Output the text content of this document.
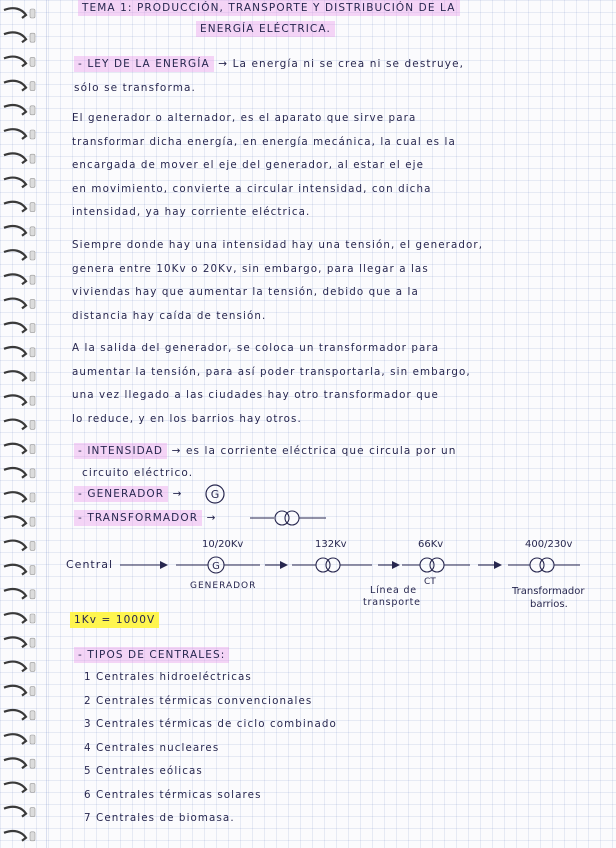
TEMA 1: PRODUCCIÓN, TRANSPORTE Y DISTRIBUCIÓN DE LA
ENERGÍA ELÉCTRICA.
- LEY DE LA ENERGÍA → La energía ni se crea ni se destruye,
sólo se transforma.
El generador o alternador, es el aparato que sirve para
transformar dicha energía, en energía mecánica, la cual es la
encargada de mover el eje del generador, al estar el eje
en movimiento, convierte a circular intensidad, con dicha
intensidad, ya hay corriente eléctrica.
Siempre donde hay una intensidad hay una tensión, el generador,
genera entre 10Kv o 20Kv, sin embargo, para llegar a las
viviendas hay que aumentar la tensión, debido que a la
distancia hay caída de tensión.
A la salida del generador, se coloca un transformador para
aumentar la tensión, para así poder transportarla, sin embargo,
una vez llegado a las ciudades hay otro transformador que
lo reduce, y en los barrios hay otros.
- INTENSIDAD → es la corriente eléctrica que circula por un
circuito eléctrico.
- GENERADOR →	G
- TRANSFORMADOR →
Central	G
10/20Kv
GENERADOR
132Kv	66Kv
CT
Línea de
transporte
400/230v
Transformador
barrios.
1Kv = 1000V
- TIPOS DE CENTRALES:
1 Centrales hidroeléctricas
2 Centrales térmicas convencionales
3 Centrales térmicas de ciclo combinado
4 Centrales nucleares
5 Centrales eólicas
6 Centrales térmicas solares
7 Centrales de biomasa.
